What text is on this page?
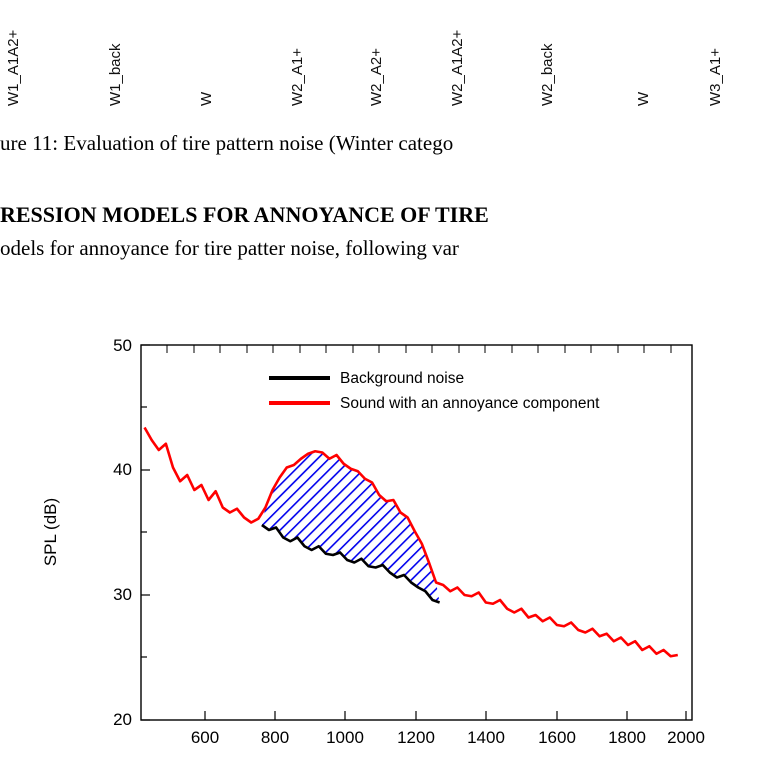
W1_A1A2+	W1_back	W	W2_A1+	W2_A2+	W2_A1A2+	W2_back	W	W3_A1+
ure 11: Evaluation of tire pattern noise (Winter catego
RESSION MODELS FOR ANNOYANCE OF TIRE
odels for annoyance for tire patter noise, following var
20
30
40
50
600 800 1000 1200 1400 1600 1800 2000
SPL (dB)
Background noise
Sound with an annoyance component
